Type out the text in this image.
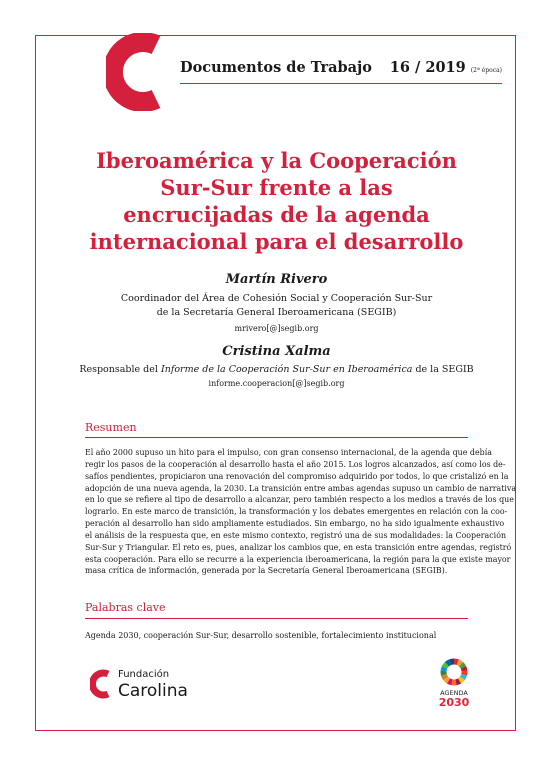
Documentos de Trabajo 16 / 2019 (2ª época)
Iberoamérica y la Cooperación
Sur-Sur frente a las
encrucijadas de la agenda
internacional para el desarrollo
Martín Rivero
Coordinador del Área de Cohesión Social y Cooperación Sur-Sur
de la Secretaría General Iberoamericana (SEGIB)
mrivero[@]segib.org
Cristina Xalma
Responsable del Informe de la Cooperación Sur-Sur en Iberoamérica de la SEGIB
informe.cooperacion[@]segib.org
Resumen
El año 2000 supuso un hito para el impulso, con gran consenso internacional, de la agenda que debía
regir los pasos de la cooperación al desarrollo hasta el año 2015. Los logros alcanzados, así como los de-
safíos pendientes, propiciaron una renovación del compromiso adquirido por todos, lo que cristalizó en la
adopción de una nueva agenda, la 2030. La transición entre ambas agendas supuso un cambio de narrativa
en lo que se refiere al tipo de desarrollo a alcanzar, pero también respecto a los medios a través de los que
lograrlo. En este marco de transición, la transformación y los debates emergentes en relación con la coo-
peración al desarrollo han sido ampliamente estudiados. Sin embargo, no ha sido igualmente exhaustivo
el análisis de la respuesta que, en este mismo contexto, registró una de sus modalidades: la Cooperación
Sur-Sur y Triangular. El reto es, pues, analizar los cambios que, en esta transición entre agendas, registró
esta cooperación. Para ello se recurre a la experiencia iberoamericana, la región para la que existe mayor
masa crítica de información, generada por la Secretaría General Iberoamericana (SEGIB).
Palabras clave
Agenda 2030, cooperación Sur-Sur, desarrollo sostenible, fortalecimiento institucional
Fundación
Carolina	AGENDA
2030
